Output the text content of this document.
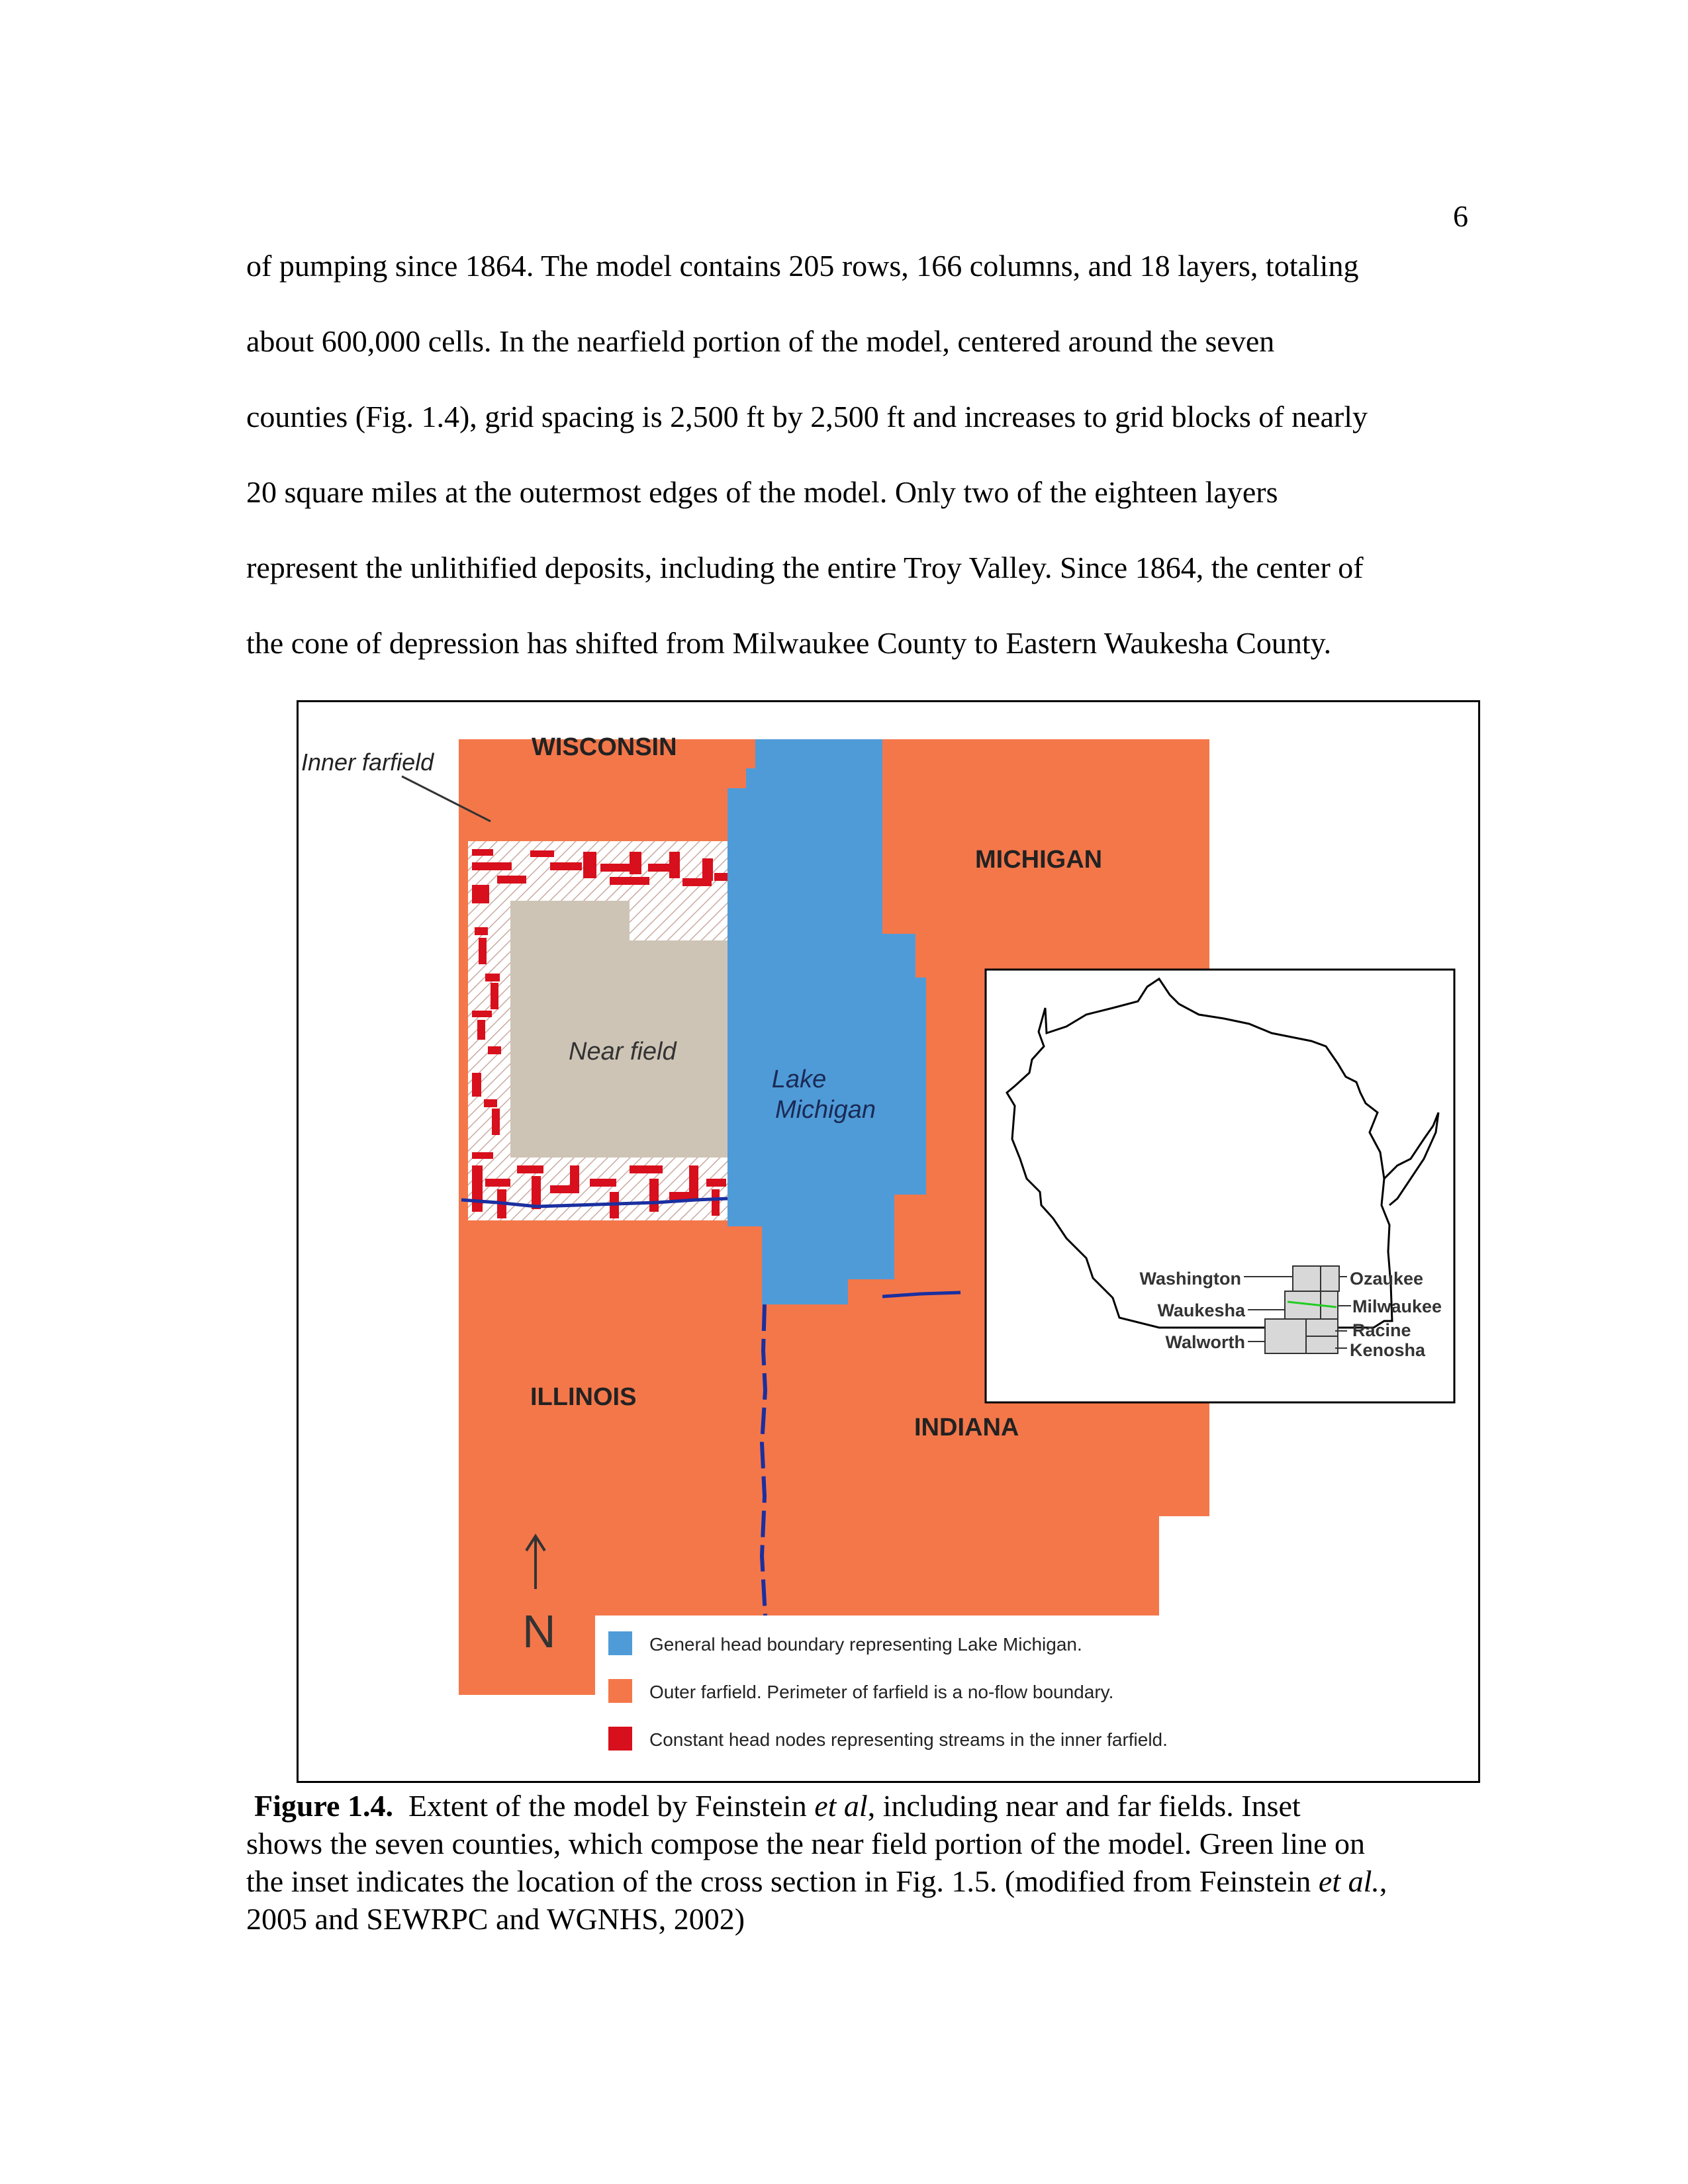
6
of pumping since 1864. The model contains 205 rows, 166 columns, and 18 layers, totaling
about 600,000 cells. In the nearfield portion of the model, centered around the seven
counties (Fig. 1.4), grid spacing is 2,500 ft by 2,500 ft and increases to grid blocks of nearly
20 square miles at the outermost edges of the model. Only two of the eighteen layers
represent the unlithified deposits, including the entire Troy Valley. Since 1864, the center of
the cone of depression has shifted from Milwaukee County to Eastern Waukesha County.
Inner farfield
WISCONSIN
MICHIGAN
Near field
Lake
Michigan
ILLINOIS
INDIANA
N	General head boundary representing Lake Michigan.
Outer farfield. Perimeter of farfield is a no-flow boundary.
Constant head nodes representing streams in the inner farfield.
Washington
Waukesha
Walworth
Ozaukee
Milwaukee
Racine
Kenosha
Figure 1.4.  Extent of the model by Feinstein et al, including near and far fields. Inset
shows the seven counties, which compose the near field portion of the model. Green line on
the inset indicates the location of the cross section in Fig. 1.5. (modified from Feinstein et al.,
2005 and SEWRPC and WGNHS, 2002)
